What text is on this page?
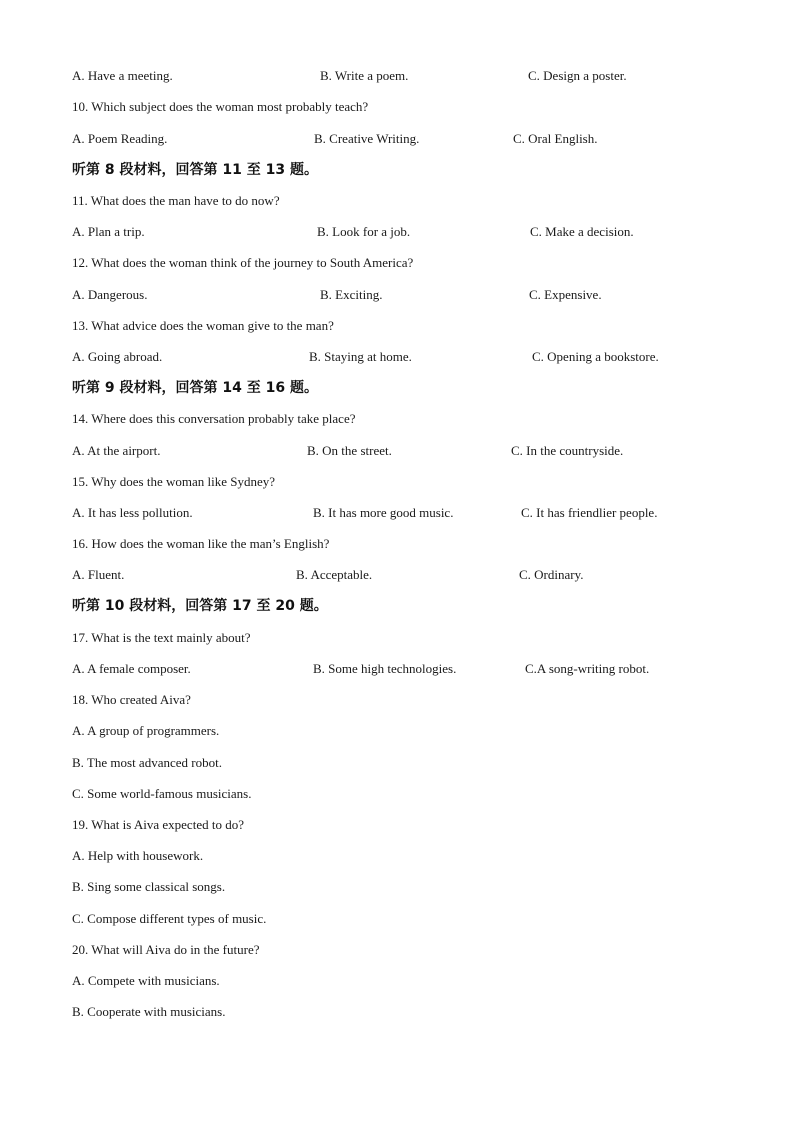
A. Have a meeting.	B. Write a poem.	C. Design a poster.
10. Which subject does the woman most probably teach?
A. Poem Reading.	B. Creative Writing.	C. Oral English.
听第 8 段材料，回答第 11 至 13 题。
11. What does the man have to do now?
A. Plan a trip.	B. Look for a job.	C. Make a decision.
12. What does the woman think of the journey to South America?
A. Dangerous.	B. Exciting.	C. Expensive.
13. What advice does the woman give to the man?
A. Going abroad.	B. Staying at home.	C. Opening a bookstore.
听第 9 段材料，回答第 14 至 16 题。
14. Where does this conversation probably take place?
A. At the airport.	B. On the street.	C. In the countryside.
15. Why does the woman like Sydney?
A. It has less pollution.	B. It has more good music.	C. It has friendlier people.
16. How does the woman like the man’s English?
A. Fluent.	B. Acceptable.	C. Ordinary.
听第 10 段材料，回答第 17 至 20 题。
17. What is the text mainly about?
A. A female composer.	B. Some high technologies.	C.A song-writing robot.
18. Who created Aiva?
A. A group of programmers.
B. The most advanced robot.
C. Some world-famous musicians.
19. What is Aiva expected to do?
A. Help with housework.
B. Sing some classical songs.
C. Compose different types of music.
20. What will Aiva do in the future?
A. Compete with musicians.
B. Cooperate with musicians.
